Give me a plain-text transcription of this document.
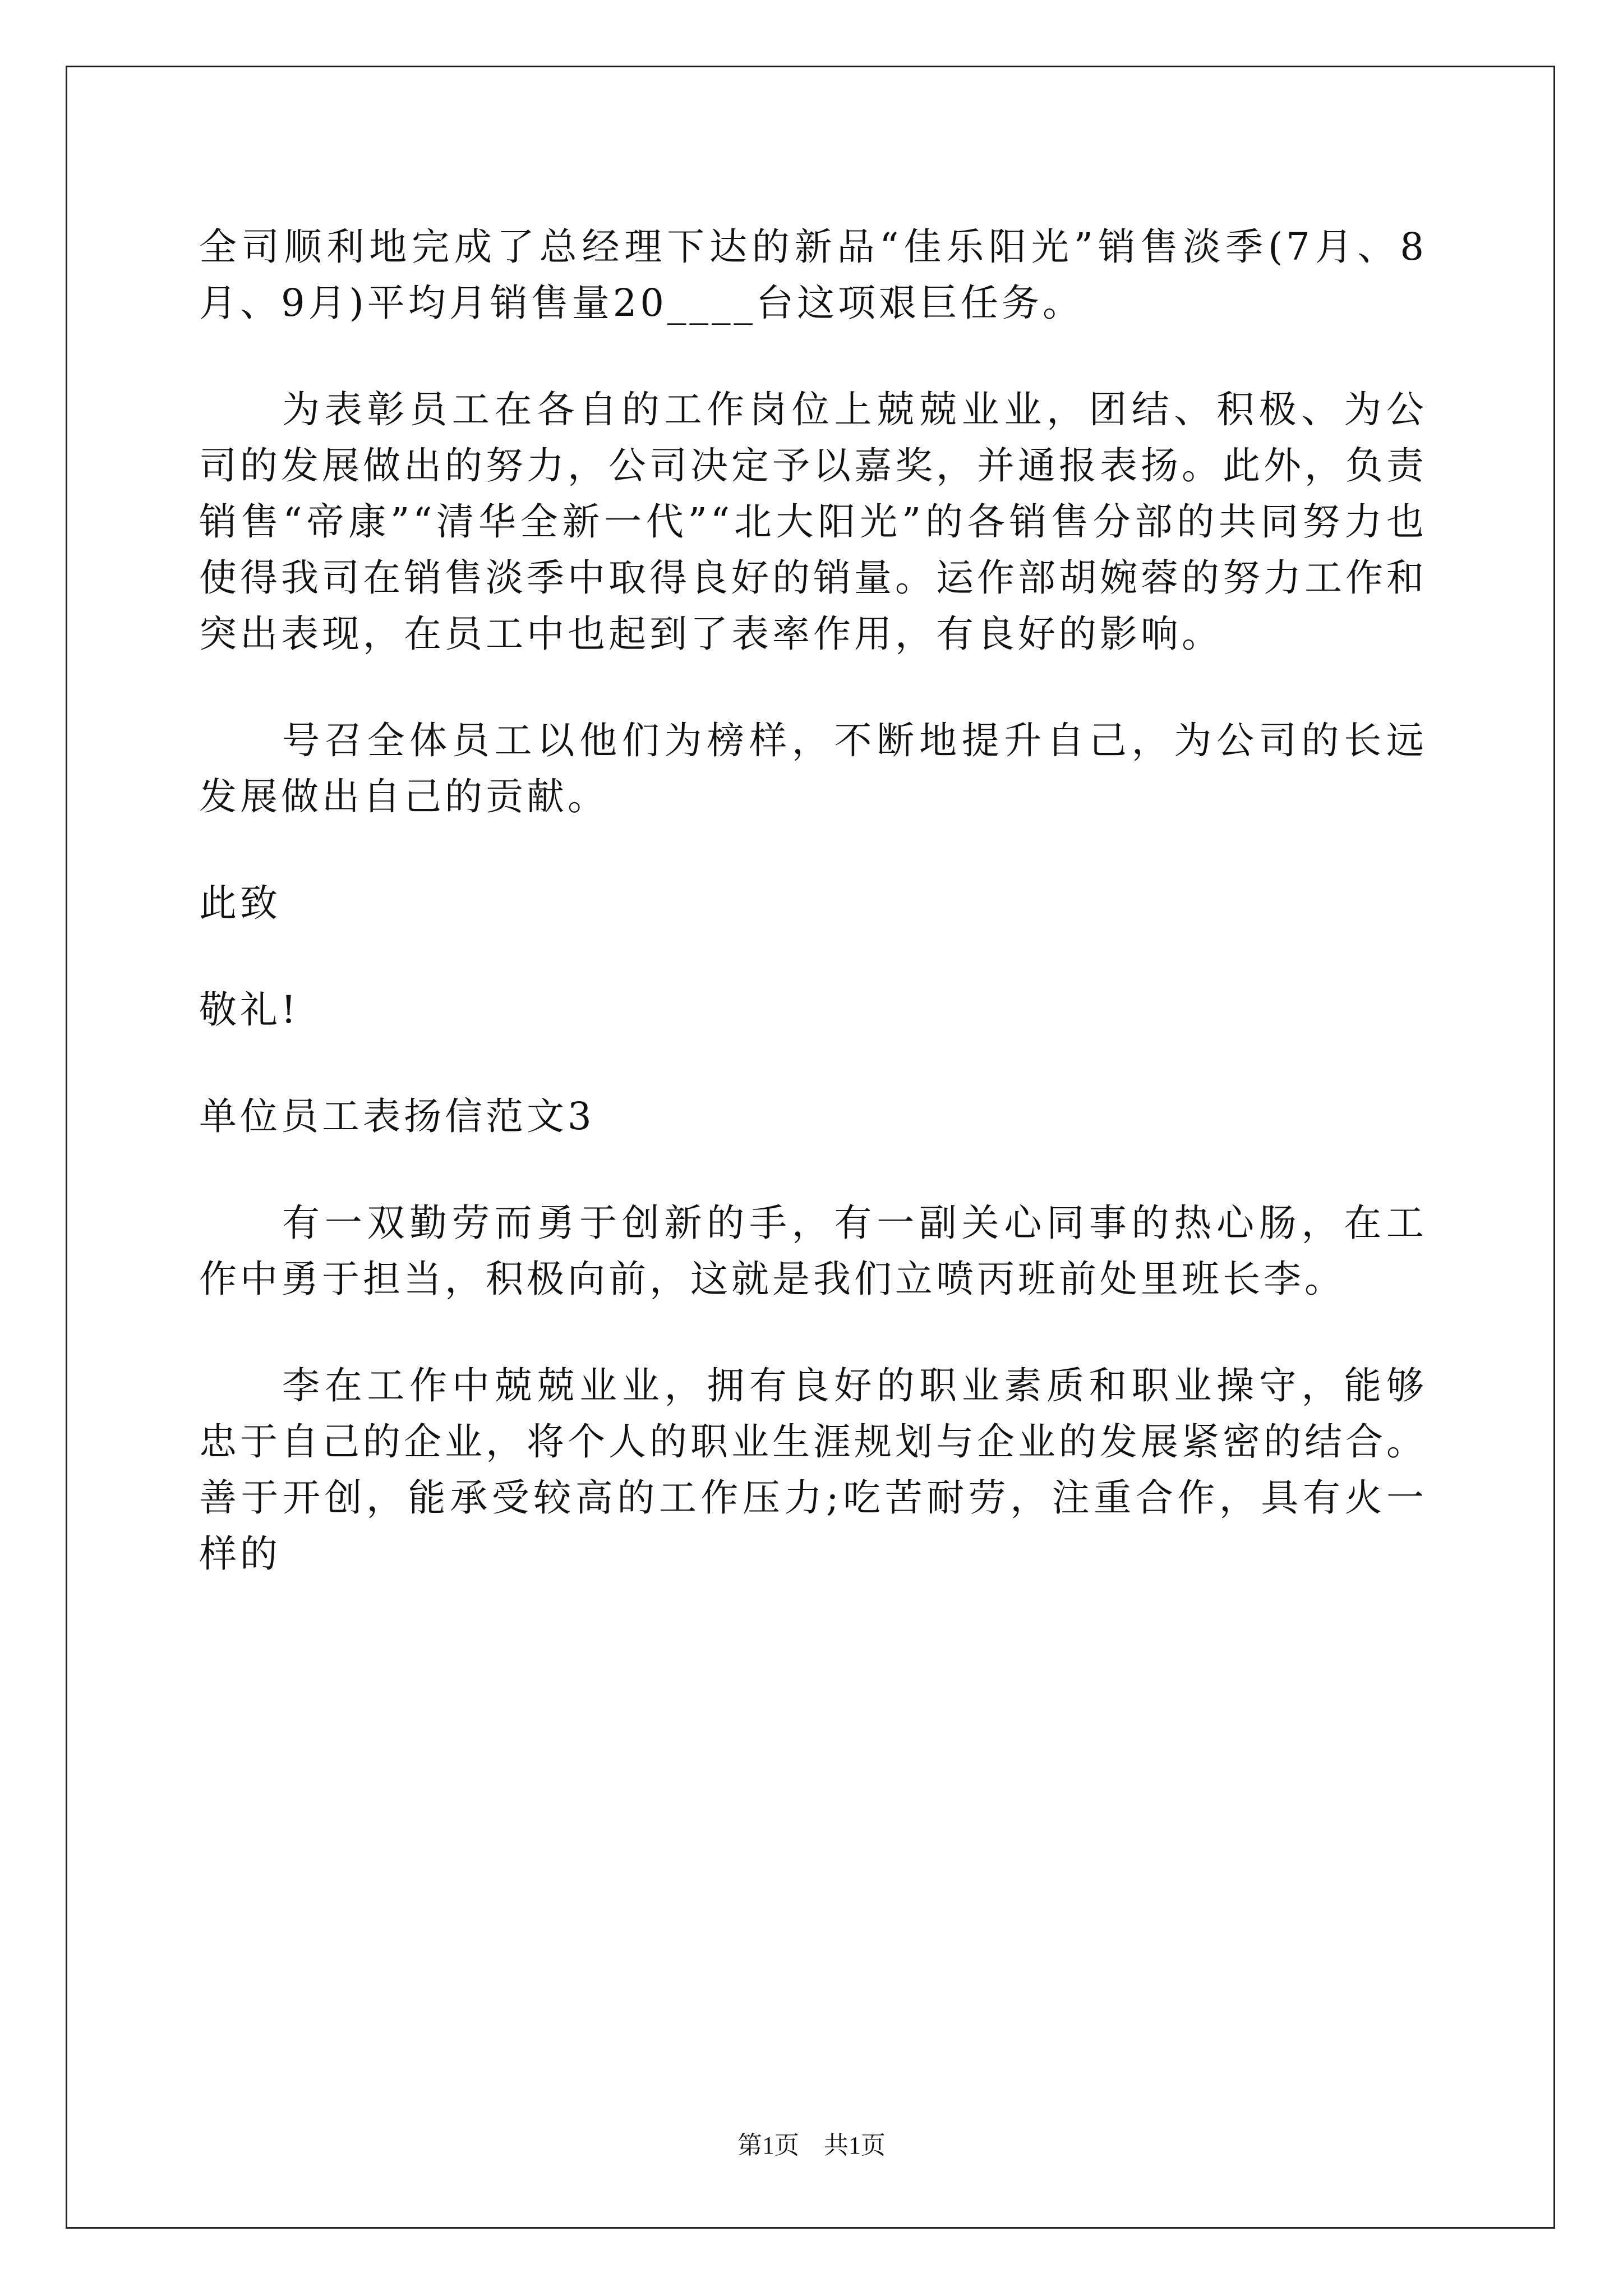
全司顺利地完成了总经理下达的新品“佳乐阳光”销售淡季(7月、8月、9月)平均月销售量20____台这项艰巨任务。

为表彰员工在各自的工作岗位上兢兢业业，团结、积极、为公司的发展做出的努力，公司决定予以嘉奖，并通报表扬。此外，负责销售“帝康”“清华全新一代”“北大阳光”的各销售分部的共同努力也使得我司在销售淡季中取得良好的销量。运作部胡婉蓉的努力工作和突出表现，在员工中也起到了表率作用，有良好的影响。

号召全体员工以他们为榜样，不断地提升自己，为公司的长远发展做出自己的贡献。

此致

敬礼!

单位员工表扬信范文3

有一双勤劳而勇于创新的手，有一副关心同事的热心肠，在工作中勇于担当，积极向前，这就是我们立喷丙班前处里班长李。

李在工作中兢兢业业，拥有良好的职业素质和职业操守，能够忠于自己的企业，将个人的职业生涯规划与企业的发展紧密的结合。善于开创，能承受较高的工作压力;吃苦耐劳，注重合作，具有火一样的

第1页　共1页
